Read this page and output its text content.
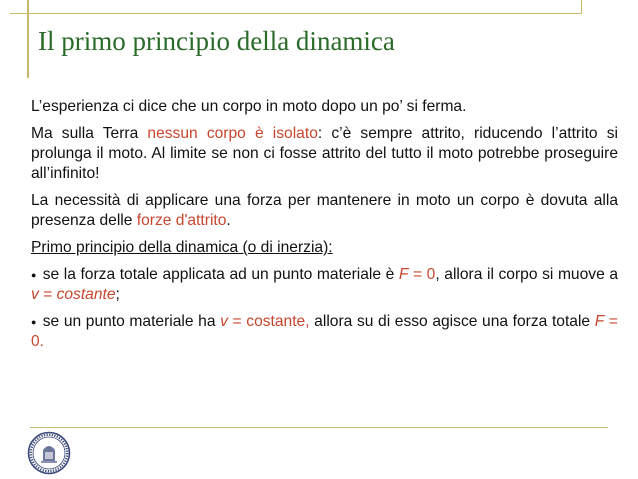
Il primo principio della dinamica

L’esperienza ci dice che un corpo in moto dopo un po’ si ferma.

Ma sulla Terra nessun corpo è isolato: c’è sempre attrito, riducendo l’attrito si prolunga il moto. Al limite se non ci fosse attrito del tutto il moto potrebbe proseguire all’infinito!

La necessità di applicare una forza per mantenere in moto un corpo è dovuta alla presenza delle forze d'attrito.

Primo principio della dinamica (o di inerzia):

● se la forza totale applicata ad un punto materiale è F = 0, allora il corpo si muove a v = costante;

● se un punto materiale ha v = costante, allora su di esso agisce una forza totale F = 0.
